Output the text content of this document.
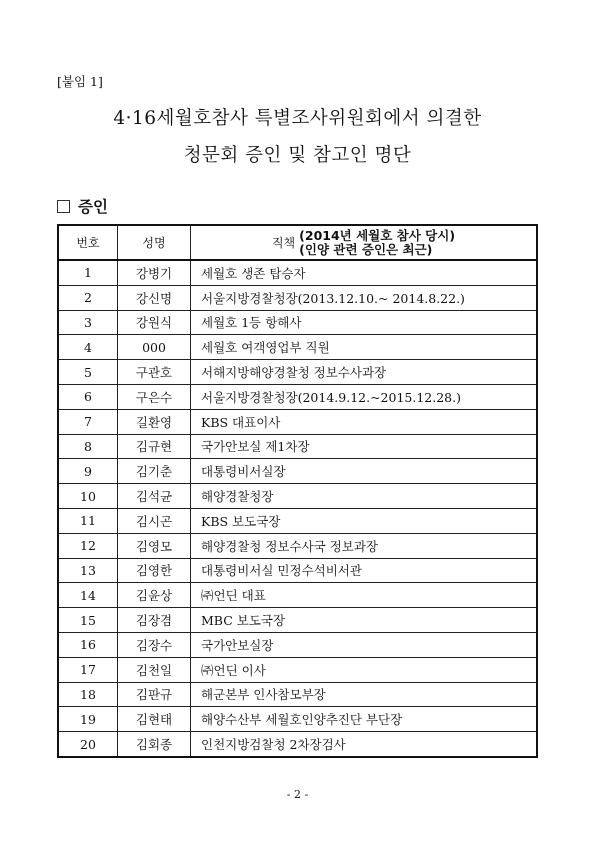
[붙임 1]
4·16세월호참사 특별조사위원회에서 의결한
청문회 증인 및 참고인 명단
증인
번호	성명	직책
(2014년 세월호 참사 당시)
(인양 관련 증인은 최근)

1	강병기	세월호 생존 탑승자
2	강신명	서울지방경찰청장(2013.12.10.~ 2014.8.22.)
3	강원식	세월호 1등 항해사
4	000	세월호 여객영업부 직원
5	구관호	서해지방해양경찰청 정보수사과장
6	구은수	서울지방경찰청장(2014.9.12.~2015.12.28.)
7	길환영	KBS 대표이사
8	김규현	국가안보실 제1차장
9	김기춘	대통령비서실장
10	김석균	해양경찰청장
11	김시곤	KBS 보도국장
12	김영모	해양경찰청 정보수사국 정보과장
13	김영한	대통령비서실 민정수석비서관
14	김윤상	㈜언딘 대표
15	김장겸	MBC 보도국장
16	김장수	국가안보실장
17	김천일	㈜언딘 이사
18	김판규	해군본부 인사참모부장
19	김현태	해양수산부 세월호인양추진단 부단장
20	김회종	인천지방검찰청 2차장검사
- 2 -
